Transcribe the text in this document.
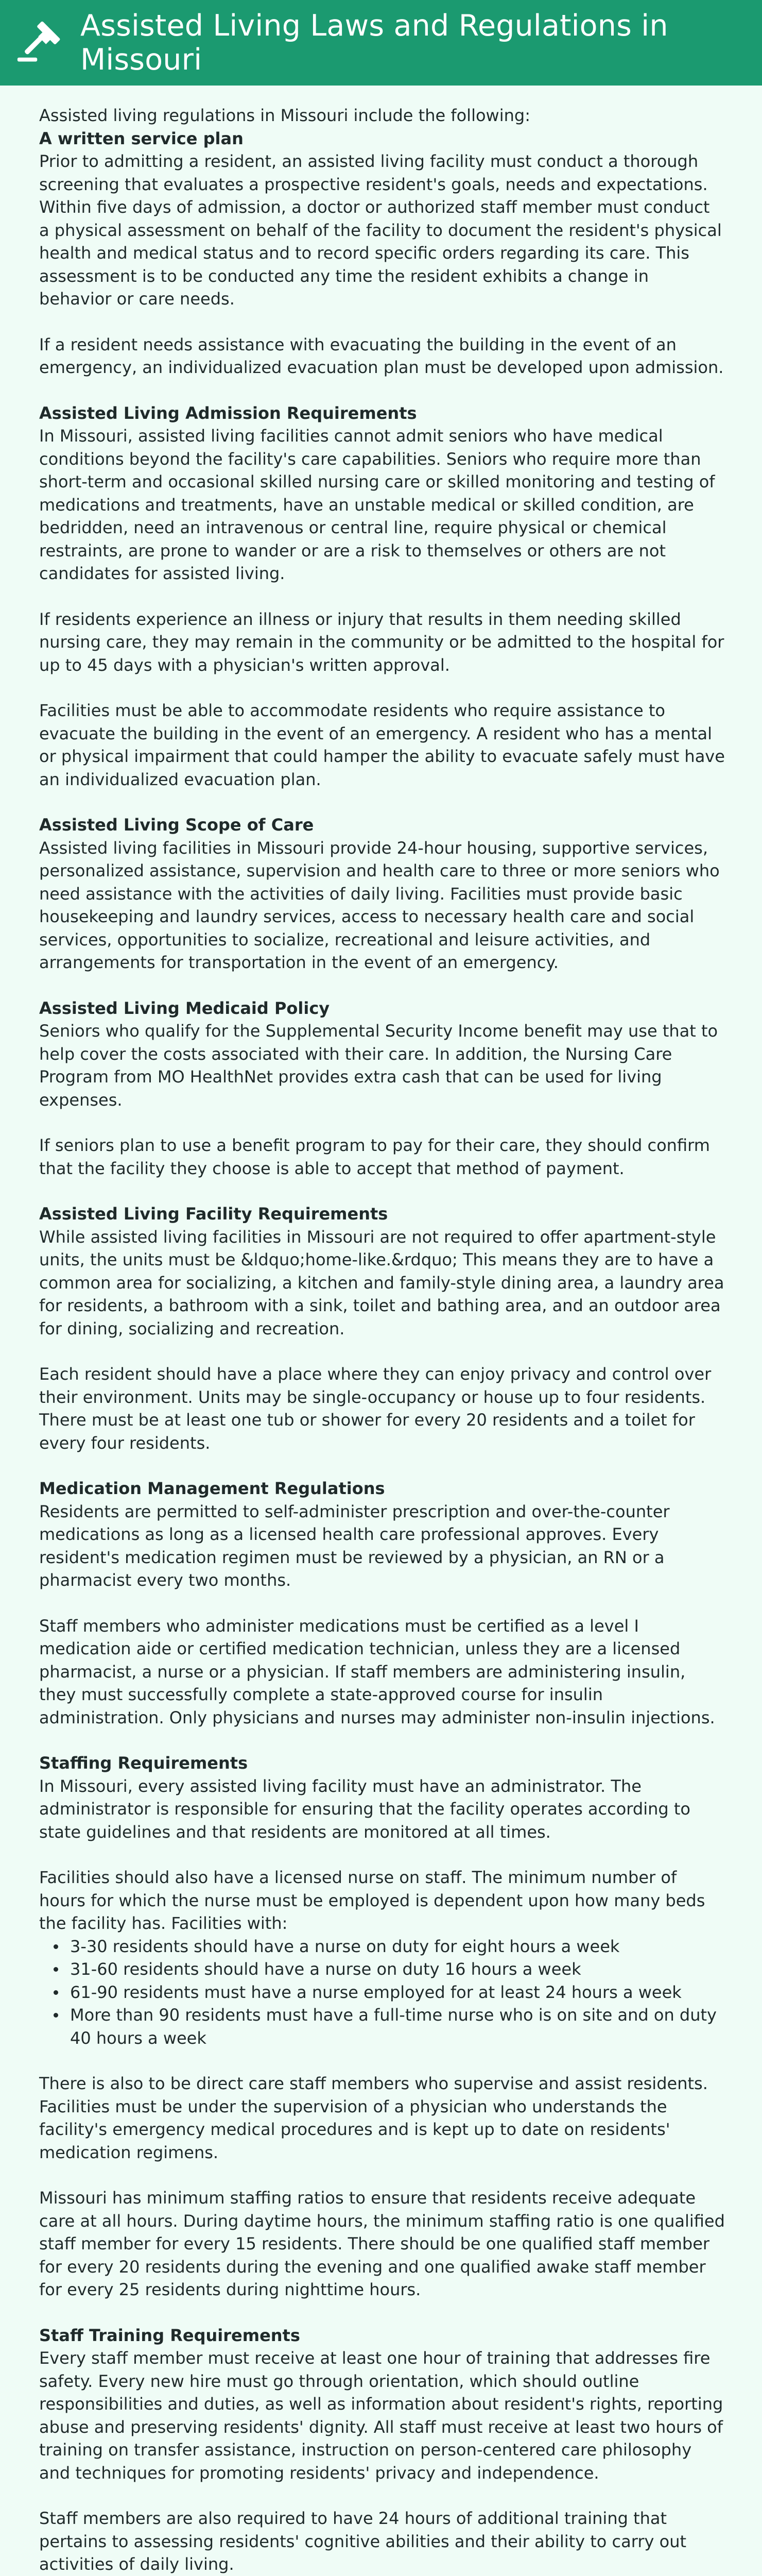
Assisted Living Laws and Regulations in Missouri

Assisted living regulations in Missouri include the following:

A written service plan

Prior to admitting a resident, an assisted living facility must conduct a thorough screening that evaluates a prospective resident's goals, needs and expectations. Within five days of admission, a doctor or authorized staff member must conduct a physical assessment on behalf of the facility to document the resident's physical health and medical status and to record specific orders regarding its care. This assessment is to be conducted any time the resident exhibits a change in behavior or care needs.

If a resident needs assistance with evacuating the building in the event of an emergency, an individualized evacuation plan must be developed upon admission.

Assisted Living Admission Requirements

In Missouri, assisted living facilities cannot admit seniors who have medical conditions beyond the facility's care capabilities. Seniors who require more than short-term and occasional skilled nursing care or skilled monitoring and testing of medications and treatments, have an unstable medical or skilled condition, are bedridden, need an intravenous or central line, require physical or chemical restraints, are prone to wander or are a risk to themselves or others are not candidates for assisted living.

If residents experience an illness or injury that results in them needing skilled nursing care, they may remain in the community or be admitted to the hospital for up to 45 days with a physician's written approval.

Facilities must be able to accommodate residents who require assistance to evacuate the building in the event of an emergency. A resident who has a mental or physical impairment that could hamper the ability to evacuate safely must have an individualized evacuation plan.

Assisted Living Scope of Care

Assisted living facilities in Missouri provide 24-hour housing, supportive services, personalized assistance, supervision and health care to three or more seniors who need assistance with the activities of daily living. Facilities must provide basic housekeeping and laundry services, access to necessary health care and social services, opportunities to socialize, recreational and leisure activities, and arrangements for transportation in the event of an emergency.

Assisted Living Medicaid Policy

Seniors who qualify for the Supplemental Security Income benefit may use that to help cover the costs associated with their care. In addition, the Nursing Care Program from MO HealthNet provides extra cash that can be used for living expenses.

If seniors plan to use a benefit program to pay for their care, they should confirm that the facility they choose is able to accept that method of payment.

Assisted Living Facility Requirements

While assisted living facilities in Missouri are not required to offer apartment-style units, the units must be &ldquo;home-like.&rdquo; This means they are to have a common area for socializing, a kitchen and family-style dining area, a laundry area for residents, a bathroom with a sink, toilet and bathing area, and an outdoor area for dining, socializing and recreation.

Each resident should have a place where they can enjoy privacy and control over their environment. Units may be single-occupancy or house up to four residents. There must be at least one tub or shower for every 20 residents and a toilet for every four residents.

Medication Management Regulations

Residents are permitted to self-administer prescription and over-the-counter medications as long as a licensed health care professional approves. Every resident's medication regimen must be reviewed by a physician, an RN or a pharmacist every two months.

Staff members who administer medications must be certified as a level I medication aide or certified medication technician, unless they are a licensed pharmacist, a nurse or a physician. If staff members are administering insulin, they must successfully complete a state-approved course for insulin administration. Only physicians and nurses may administer non-insulin injections.

Staffing Requirements

In Missouri, every assisted living facility must have an administrator. The administrator is responsible for ensuring that the facility operates according to state guidelines and that residents are monitored at all times.

Facilities should also have a licensed nurse on staff. The minimum number of hours for which the nurse must be employed is dependent upon how many beds the facility has. Facilities with:

3-30 residents should have a nurse on duty for eight hours a week
31-60 residents should have a nurse on duty 16 hours a week
61-90 residents must have a nurse employed for at least 24 hours a week
More than 90 residents must have a full-time nurse who is on site and on duty 40 hours a week

There is also to be direct care staff members who supervise and assist residents. Facilities must be under the supervision of a physician who understands the facility's emergency medical procedures and is kept up to date on residents' medication regimens.

Missouri has minimum staffing ratios to ensure that residents receive adequate care at all hours. During daytime hours, the minimum staffing ratio is one qualified staff member for every 15 residents. There should be one qualified staff member for every 20 residents during the evening and one qualified awake staff member for every 25 residents during nighttime hours.

Staff Training Requirements

Every staff member must receive at least one hour of training that addresses fire safety. Every new hire must go through orientation, which should outline responsibilities and duties, as well as information about resident's rights, reporting abuse and preserving residents' dignity. All staff must receive at least two hours of training on transfer assistance, instruction on person-centered care philosophy and techniques for promoting residents' privacy and independence.

Staff members are also required to have 24 hours of additional training that pertains to assessing residents' cognitive abilities and their ability to carry out activities of daily living.
